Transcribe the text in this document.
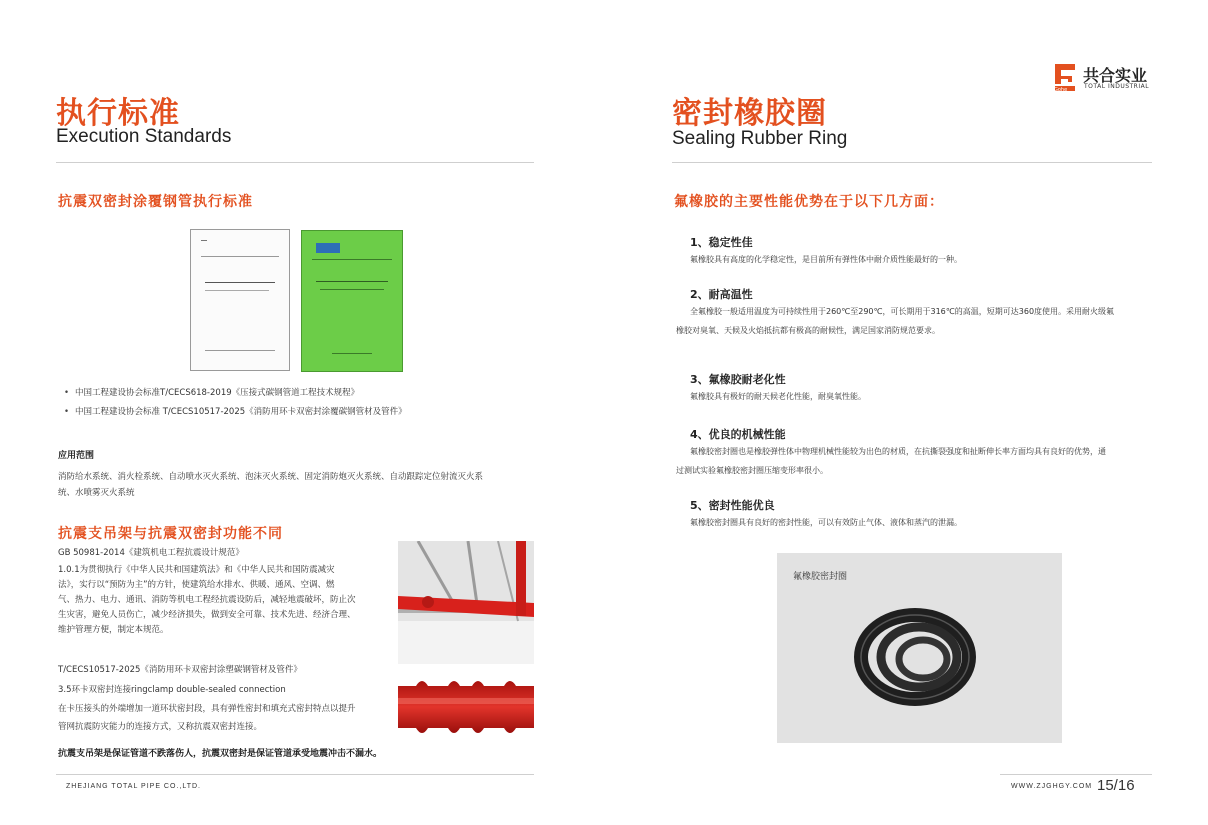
执行标准
Execution Standards
抗震双密封涂覆钢管执行标准
• 中国工程建设协会标准T/CECS618-2019《压接式碳钢管道工程技术规程》
• 中国工程建设协会标准 T/CECS10517-2025《消防用环卡双密封涂覆碳钢管材及管件》
应用范围
消防给水系统、消火栓系统、自动喷水灭火系统、泡沫灭火系统、固定消防炮灭火系统、自动跟踪定位射流灭火系
统、水喷雾灭火系统
抗震支吊架与抗震双密封功能不同
GB 50981-2014《建筑机电工程抗震设计规范》
1.0.1为贯彻执行《中华人民共和国建筑法》和《中华人民共和国防震减灾
法》，实行以“预防为主”的方针，使建筑给水排水、供暖、通风、空调、燃
气、热力、电力、通讯、消防等机电工程经抗震设防后，减轻地震破坏，防止次
生灾害，避免人员伤亡，减少经济损失，做到安全可靠、技术先进、经济合理、
维护管理方便，制定本规范。
T/CECS10517-2025《消防用环卡双密封涂塑碳钢管材及管件》
3.5环卡双密封连接ringclamp double-sealed connection
在卡压接头的外端增加一道环状密封段，具有弹性密封和填充式密封特点以提升
管网抗震防灾能力的连接方式，又称抗震双密封连接。
抗震支吊架是保证管道不跌落伤人，抗震双密封是保证管道承受地震冲击不漏水。
ZHEJIANG TOTAL PIPE CO.,LTD.
Gohe
共合实业
TOTAL INDUSTRIAL
密封橡胶圈
Sealing Rubber Ring
氟橡胶的主要性能优势在于以下几方面：
1、稳定性佳
氟橡胶具有高度的化学稳定性，是目前所有弹性体中耐介质性能最好的一种。
2、耐高温性
全氟橡胶一般适用温度为可持续性用于260℃至290℃，可长期用于316℃的高温，短期可达360度使用。采用耐火级氟
橡胶对臭氧、天候及火焰抵抗都有极高的耐候性，满足国家消防规范要求。
3、氟橡胶耐老化性
氟橡胶具有极好的耐天候老化性能，耐臭氧性能。
4、优良的机械性能
氟橡胶密封圈也是橡胶弹性体中物理机械性能较为出色的材质，在抗撕裂强度和扯断伸长率方面均具有良好的优势，通
过测试实验氟橡胶密封圈压缩变形率很小。
5、密封性能优良
氟橡胶密封圈具有良好的密封性能，可以有效防止气体、液体和蒸汽的泄漏。
氟橡胶密封圈
WWW.ZJGHGY.COM 15/16
